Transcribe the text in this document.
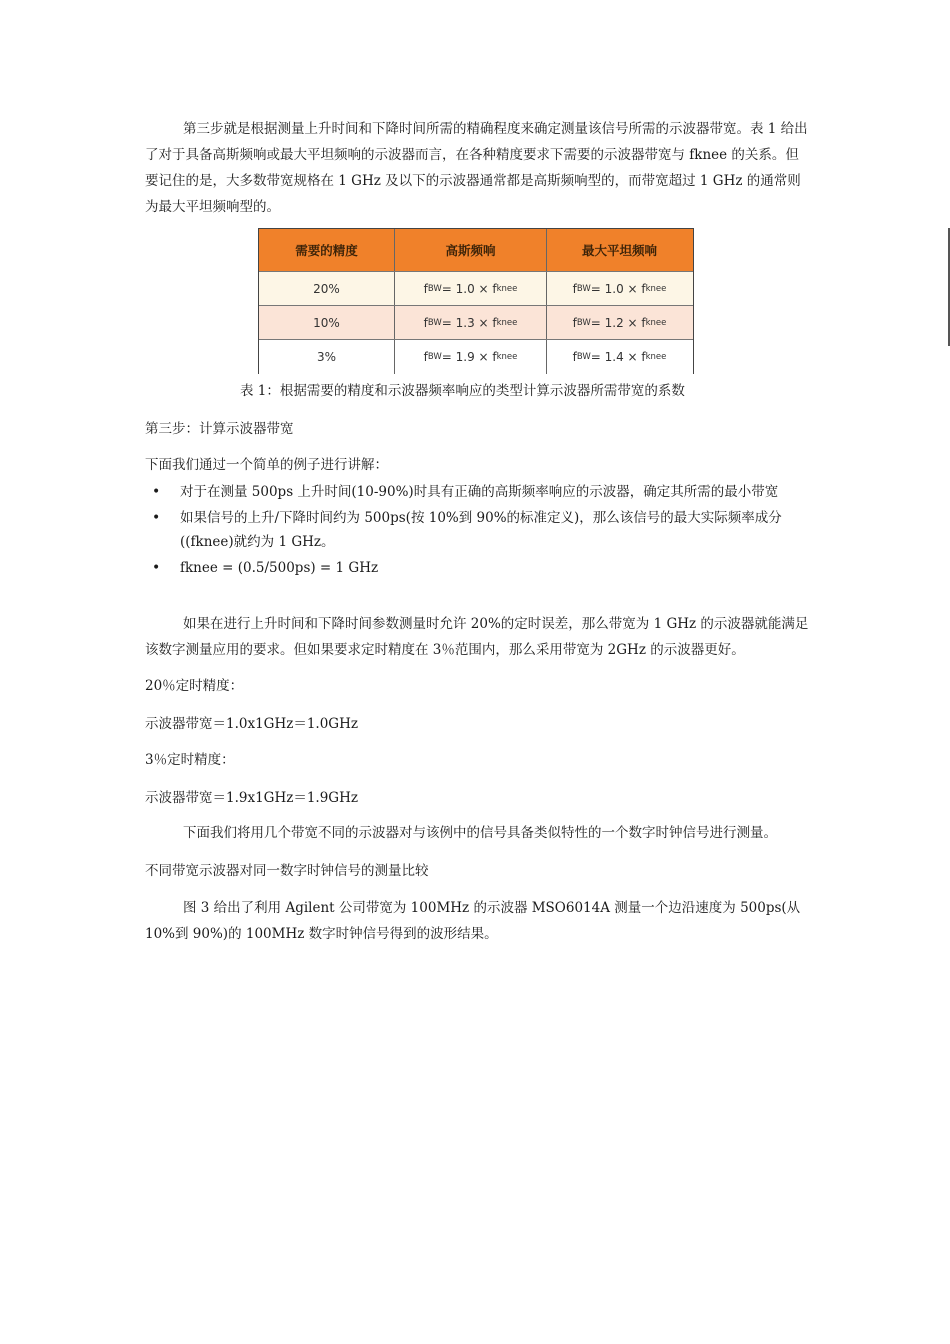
第三步就是根据测量上升时间和下降时间所需的精确程度来确定测量该信号所需的示波器带宽。表 1 给出了对于具备高斯频响或最大平坦频响的示波器而言，在各种精度要求下需要的示波器带宽与 fknee 的关系。但要记住的是，大多数带宽规格在 1 GHz 及以下的示波器通常都是高斯频响型的，而带宽超过 1 GHz 的通常则为最大平坦频响型的。

需要的精度	高斯频响	最大平坦频响
20%	f BW = 1.0 × f knee	f BW = 1.0 × f knee
10%	f BW = 1.3 × f knee	f BW = 1.2 × f knee
3%	f BW = 1.9 × f knee	f BW = 1.4 × f knee

表 1：根据需要的精度和示波器频率响应的类型计算示波器所需带宽的系数

第三步：计算示波器带宽

下面我们通过一个简单的例子进行讲解：

• 对于在测量 500ps 上升时间(10-90%)时具有正确的高斯频率响应的示波器，确定其所需的最小带宽
• 如果信号的上升/下降时间约为 500ps(按 10%到 90%的标准定义)，那么该信号的最大实际频率成分((fknee)就约为 1 GHz。
• fknee = (0.5/500ps) = 1 GHz

如果在进行上升时间和下降时间参数测量时允许 20%的定时误差，那么带宽为 1 GHz 的示波器就能满足该数字测量应用的要求。但如果要求定时精度在 3％范围内，那么采用带宽为 2GHz 的示波器更好。

20％定时精度：

示波器带宽＝1.0x1GHz＝1.0GHz

3％定时精度：

示波器带宽＝1.9x1GHz＝1.9GHz

下面我们将用几个带宽不同的示波器对与该例中的信号具备类似特性的一个数字时钟信号进行测量。

不同带宽示波器对同一数字时钟信号的测量比较

图 3 给出了利用 Agilent 公司带宽为 100MHz 的示波器 MSO6014A 测量一个边沿速度为 500ps(从 10%到 90%)的 100MHz 数字时钟信号得到的波形结果。
